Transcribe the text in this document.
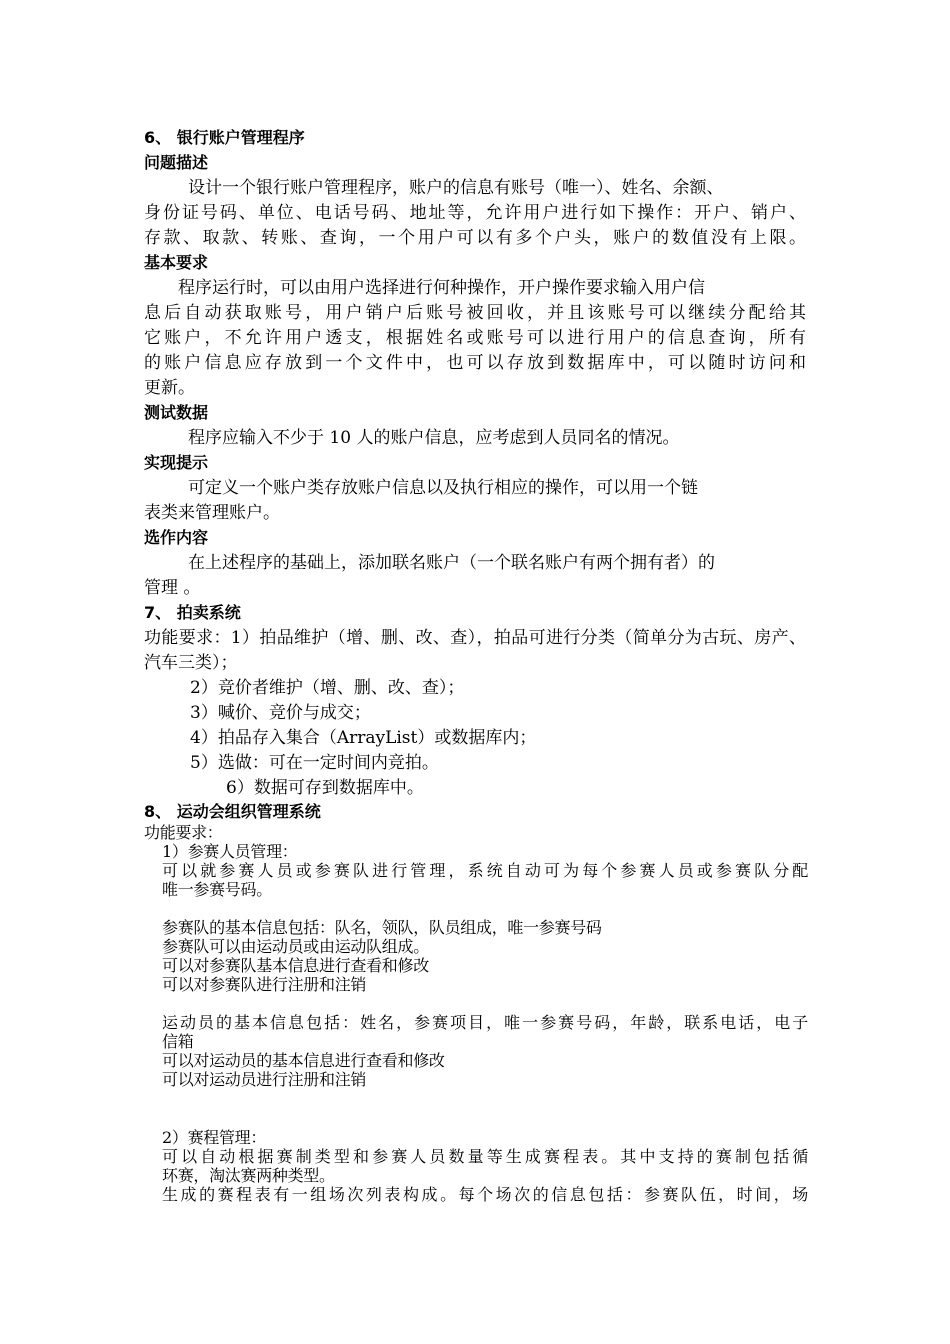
6、 银行账户管理程序
问题描述
设计一个银行账户管理程序，账户的信息有账号（唯一）、姓名、余额、
身份证号码、单位、电话号码、地址等，允许用户进行如下操作：开户、销户、
存款、取款、转账、查询，一个用户可以有多个户头，账户的数值没有上限。
基本要求
程序运行时，可以由用户选择进行何种操作，开户操作要求输入用户信
息后自动获取账号，用户销户后账号被回收，并且该账号可以继续分配给其
它账户，不允许用户透支，根据姓名或账号可以进行用户的信息查询，所有
的账户信息应存放到一个文件中，也可以存放到数据库中，可以随时访问和
更新。
测试数据
程序应输入不少于 10 人的账户信息，应考虑到人员同名的情况。
实现提示
可定义一个账户类存放账户信息以及执行相应的操作，可以用一个链
表类来管理账户。
选作内容
在上述程序的基础上，添加联名账户（一个联名账户有两个拥有者）的
管理 。
7、 拍卖系统
功能要求：1）拍品维护（增、删、改、查），拍品可进行分类（简单分为古玩、房产、
汽车三类）；
2）竞价者维护（增、删、改、查）；
3）喊价、竞价与成交；
4）拍品存入集合（ArrayList）或数据库内；
5）选做：可在一定时间内竞拍。
6）数据可存到数据库中。
8、 运动会组织管理系统
功能要求：
1）参赛人员管理：
可以就参赛人员或参赛队进行管理，系统自动可为每个参赛人员或参赛队分配
唯一参赛号码。
参赛队的基本信息包括：队名，领队，队员组成，唯一参赛号码
参赛队可以由运动员或由运动队组成。
可以对参赛队基本信息进行查看和修改
可以对参赛队进行注册和注销
运动员的基本信息包括：姓名，参赛项目，唯一参赛号码，年龄，联系电话，电子
信箱
可以对运动员的基本信息进行查看和修改
可以对运动员进行注册和注销
2）赛程管理：
可以自动根据赛制类型和参赛人员数量等生成赛程表。其中支持的赛制包括循
环赛，淘汰赛两种类型。
生成的赛程表有一组场次列表构成。每个场次的信息包括：参赛队伍，时间，场
